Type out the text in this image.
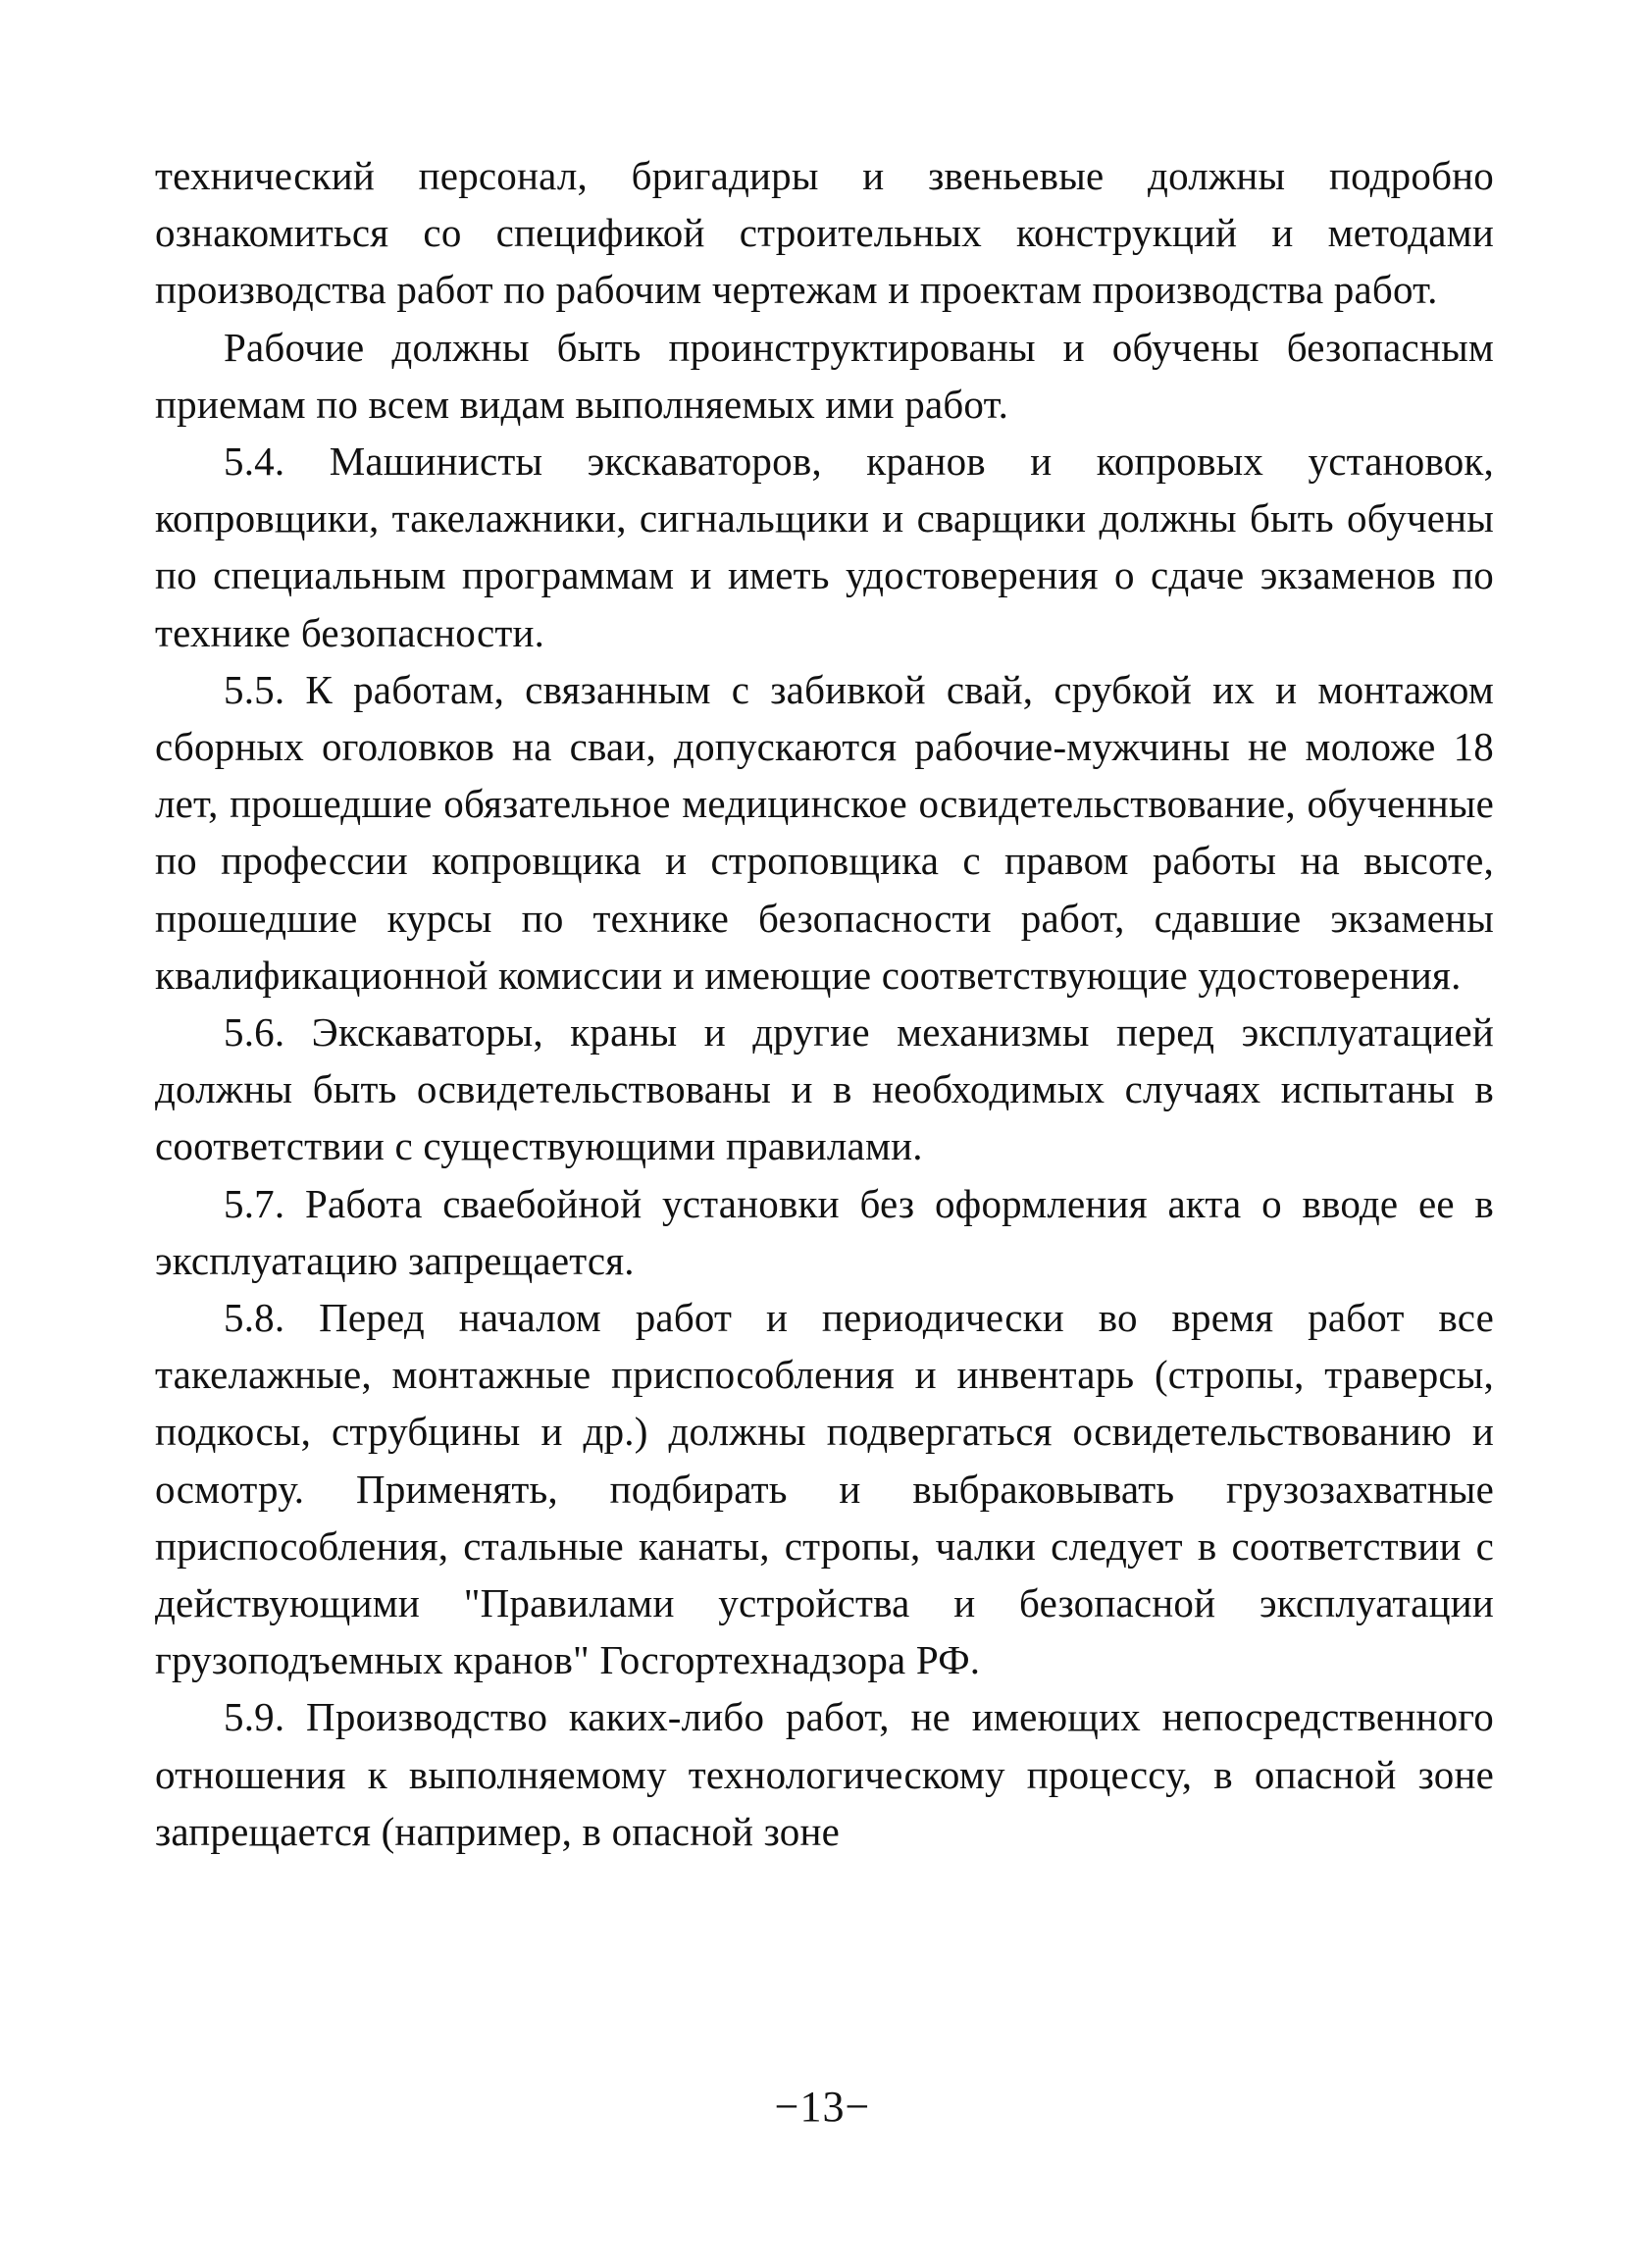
технический персонал, бригадиры и звеньевые должны подробно ознакомиться со спецификой строительных конструкций и методами производства работ по рабочим чертежам и проектам производства работ.

Рабочие должны быть проинструктированы и обучены безопасным приемам по всем видам выполняемых ими работ.

5.4. Машинисты экскаваторов, кранов и копровых установок, копровщики, такелажники, сигнальщики и сварщики должны быть обучены по специальным программам и иметь удостоверения о сдаче экзаменов по технике безопасности.

5.5. К работам, связанным с забивкой свай, срубкой их и монтажом сборных оголовков на сваи, допускаются рабочие-мужчины не моложе 18 лет, прошедшие обязательное медицинское освидетельствование, обученные по профессии копровщика и строповщика с правом работы на высоте, прошедшие курсы по технике безопасности работ, сдавшие экзамены квалификационной комиссии и имеющие соответствующие удостоверения.

5.6. Экскаваторы, краны и другие механизмы перед эксплуатацией должны быть освидетельствованы и в необходимых случаях испытаны в соответствии с существующими правилами.

5.7. Работа сваебойной установки без оформления акта о вводе ее в эксплуатацию запрещается.

5.8. Перед началом работ и периодически во время работ все такелажные, монтажные приспособления и инвентарь (стропы, траверсы, подкосы, струбцины и др.) должны подвергаться освидетельствованию и осмотру. Применять, подбирать и выбраковывать грузозахватные приспособления, стальные канаты, стропы, чалки следует в соответствии с действующими "Правилами устройства и безопасной эксплуатации грузоподъемных кранов" Госгортехнадзора РФ.

5.9. Производство каких-либо работ, не имеющих непосредственного отношения к выполняемому технологическому процессу, в опасной зоне запрещается (например, в опасной зоне

−13−
